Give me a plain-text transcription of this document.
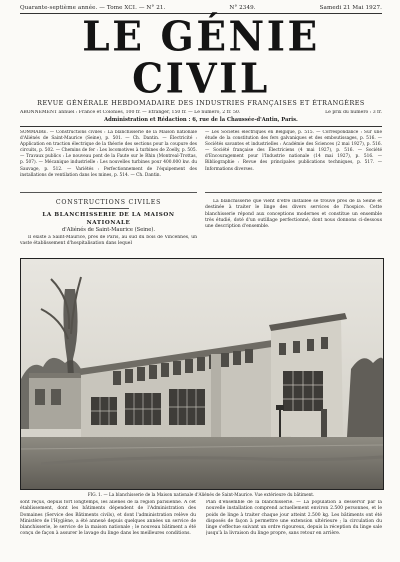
Quarante-septième année. — Tome XCI. — N° 21.	N° 2349.	Samedi 21 Mai 1927.
LE GÉNIE CIVIL
REVUE GÉNÉRALE HEBDOMADAIRE DES INDUSTRIES FRANÇAISES ET ÉTRANGÈRES
ABONNEMENT annuel : France et Colonies, 100 fr. — Étranger, 150 fr. — Le numéro, 2 fr. 50.	Le prix du numéro : 3 fr.
Administration et Rédaction : 6, rue de la Chaussée-d'Antin, Paris.
SOMMAIRE. — Constructions civiles : La blanchisserie de la Maison nationale d'Aliénés de Saint-Maurice (Seine), p. 501. — Ch. Dantin. — Électricité : Application en traction électrique de la théorie des sections pour la coupure des circuits, p. 502. — Chemins de fer : Les locomotives à turbines de Zoelly, p. 505. — Travaux publics : Le nouveau pont de la Faute sur le Rhin (Montreal-Trottas, p. 507). — Mécanique industrielle : Les nouvelles turbines pour 400.000 kw. du Sauvage, p. 512. — Variétés : Perfectionnement de l'équipement des installations de ventilation dans les mines, p. 514. — Ch. Dantin.
CONSTRUCTIONS CIVILES
LA BLANCHISSERIE DE LA MAISON NATIONALE
d'Aliénés de Saint-Maurice (Seine).
Il existe à Saint-Maurice, près de Paris, au sud du bois de Vincennes, un vaste établissement d'hospitalisation dans lequel
— Les Sociétés électriques en Belgique, p. 515. — Correspondance : Sur une étude de la constitution des fers galvaniques et des emboutissages, p. 516. — Sociétés savantes et industrielles : Académie des Sciences (2 mai 1927), p. 516. — Société française des Électriciens (4 mai 1927), p. 516. — Société d'Encouragement pour l'Industrie nationale (14 mai 1927), p. 516. — Bibliographie : Revue des principales publications techniques, p. 517. — Informations diverses.
La blanchisserie que vient d'être installée se trouve près de la Seine et destinée à traiter le linge des divers services de l'hospice. Cette blanchisserie répond aux conceptions modernes et constitue un ensemble très étudié, doté d'un outillage perfectionné, dont nous donnons ci-dessous une description d'ensemble.
FIG. 1. — La blanchisserie de la Maison nationale d'Aliénés de Saint-Maurice. Vue extérieure du bâtiment.
sont reçus, depuis fort longtemps, les aliénés de la région parisienne. À cet établissement, dont les bâtiments dépendent de l'Administration des Domaines (Service des Bâtiments civils), et dont l'administration relève du Ministère de l'Hygiène, a été annexé depuis quelques années un service de blanchisserie, le service de la maison nationale ; le nouveau bâtiment a été conçu de façon à assurer le lavage du linge dans les meilleures conditions.
Plan d'ensemble de la blanchisserie. — La population à desservir par la nouvelle installation comprend actuellement environ 2.500 personnes, et le poids de linge à traiter chaque jour atteint 2.500 kg. Les bâtiments ont été disposés de façon à permettre une extension ultérieure ; la circulation du linge s'effectue suivant un ordre rigoureux, depuis la réception du linge sale jusqu'à la livraison du linge propre, sans retour en arrière.
